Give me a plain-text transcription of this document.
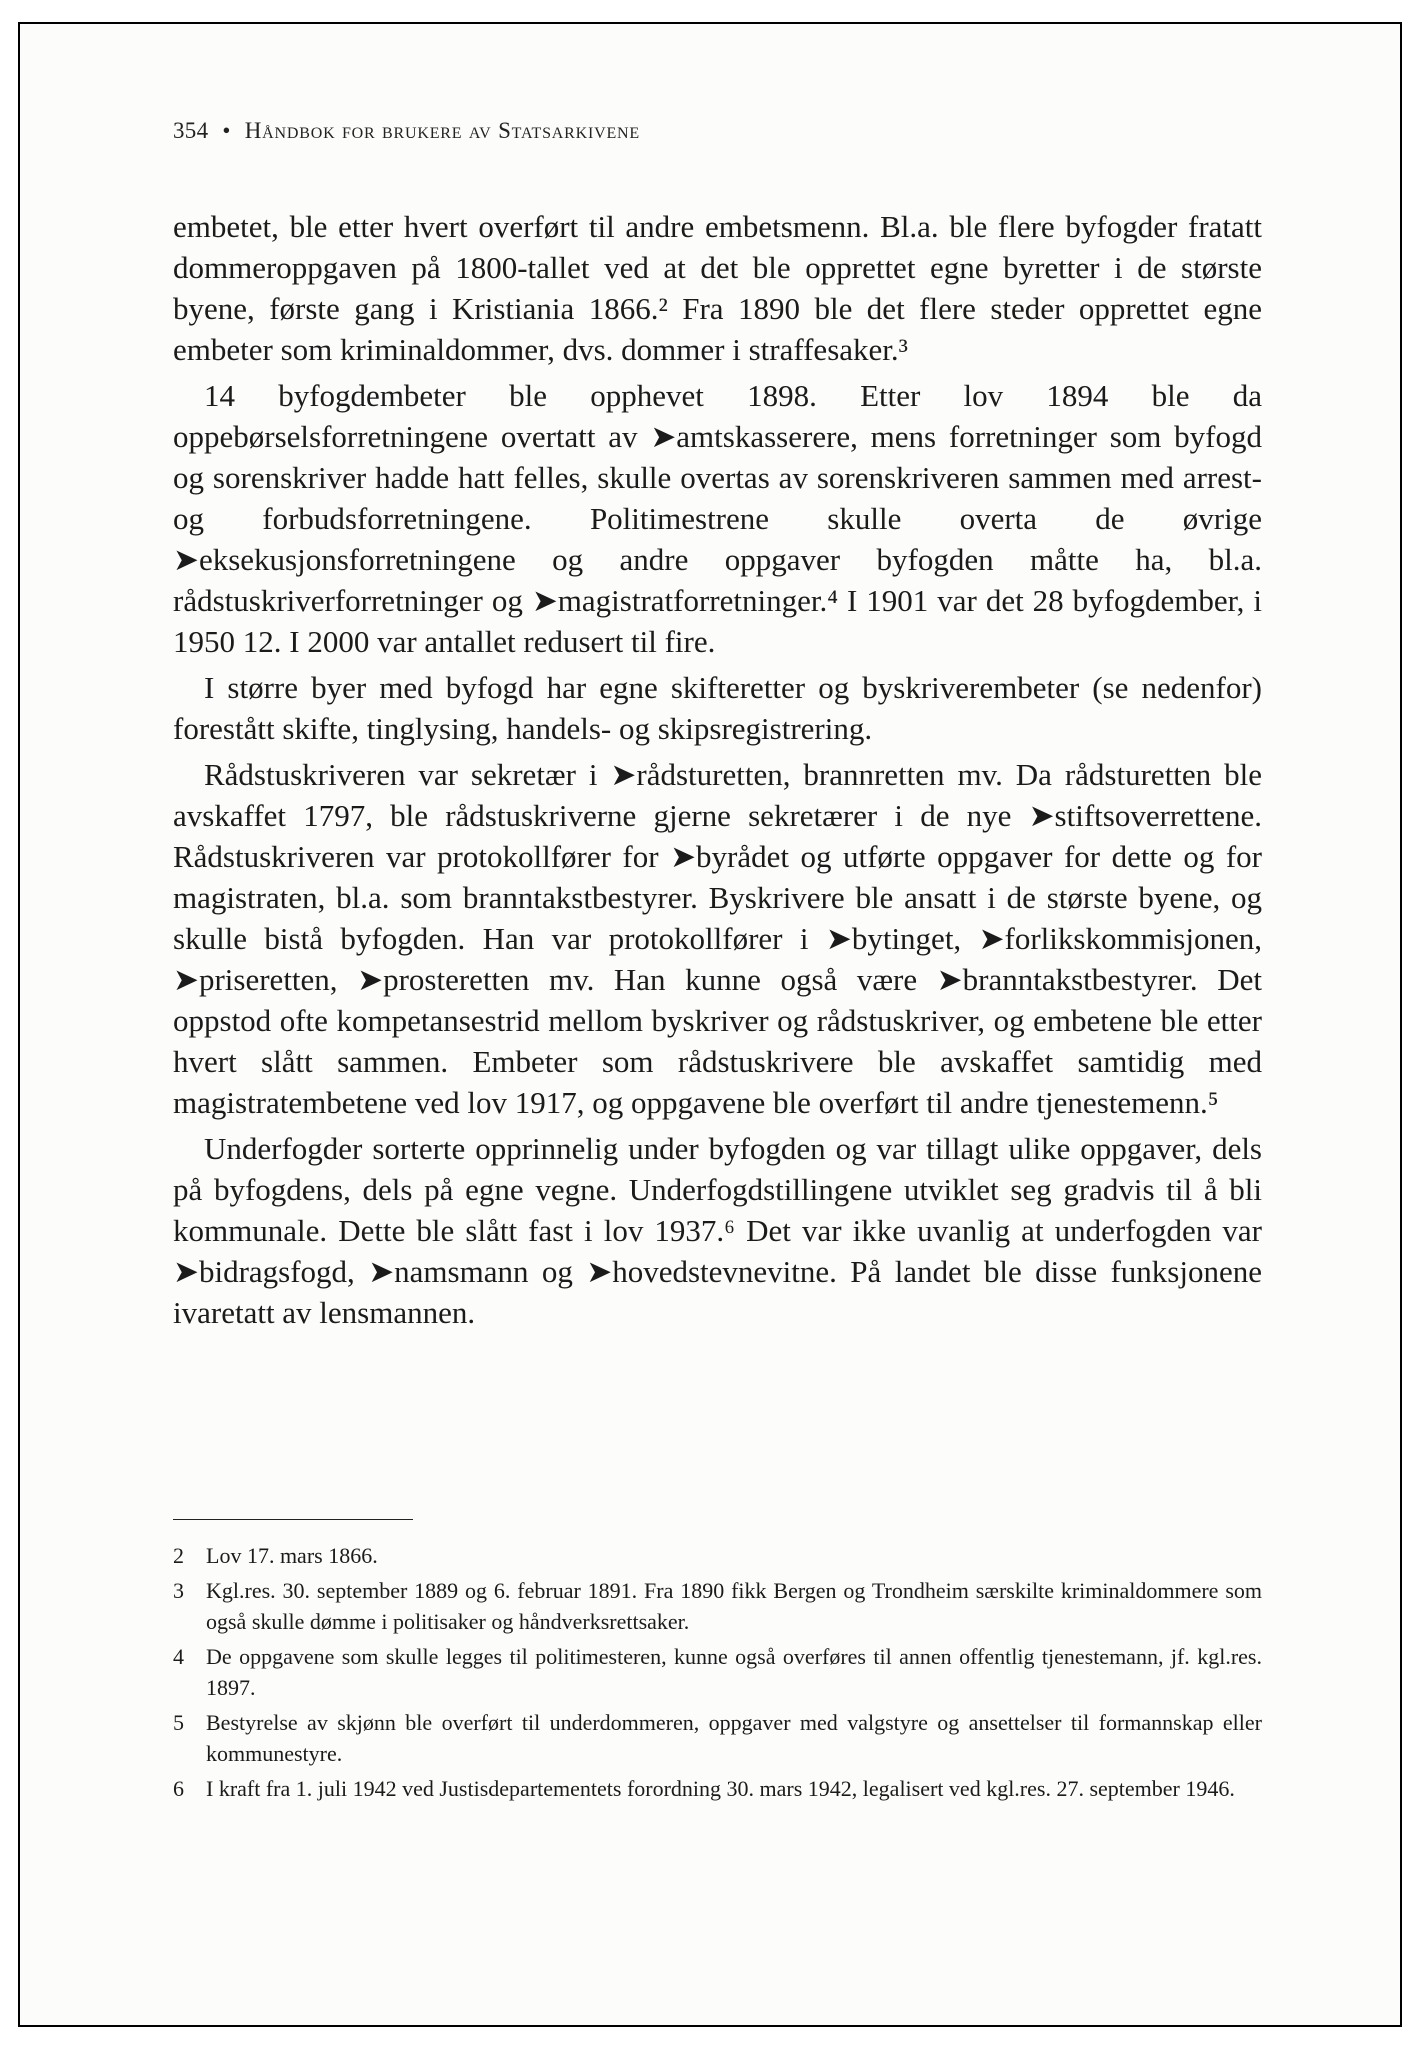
354 • Håndbok for brukere av Statsarkivene

embetet, ble etter hvert overført til andre embetsmenn. Bl.a. ble flere byfogder fratatt dommeroppgaven på 1800-tallet ved at det ble opprettet egne byretter i de største byene, første gang i Kristiania 1866.² Fra 1890 ble det flere steder opprettet egne embeter som kriminaldommer, dvs. dommer i straffesaker.³

14 byfogdembeter ble opphevet 1898. Etter lov 1894 ble da oppebørselsforretningene overtatt av ➤amtskasserere, mens forretninger som byfogd og sorenskriver hadde hatt felles, skulle overtas av sorenskriveren sammen med arrest- og forbudsforretningene. Politimestrene skulle overta de øvrige ➤eksekusjonsforretningene og andre oppgaver byfogden måtte ha, bl.a. rådstuskriverforretninger og ➤magistratforretninger.⁴ I 1901 var det 28 byfogdember, i 1950 12. I 2000 var antallet redusert til fire.

I større byer med byfogd har egne skifteretter og byskriverembeter (se nedenfor) forestått skifte, tinglysing, handels- og skipsregistrering.

Rådstuskriveren var sekretær i ➤rådsturetten, brannretten mv. Da rådsturetten ble avskaffet 1797, ble rådstuskriverne gjerne sekretærer i de nye ➤stiftsoverrettene. Rådstuskriveren var protokollfører for ➤byrådet og utførte oppgaver for dette og for magistraten, bl.a. som branntakstbestyrer. Byskrivere ble ansatt i de største byene, og skulle bistå byfogden. Han var protokollfører i ➤bytinget, ➤forlikskommisjonen, ➤priseretten, ➤prosteretten mv. Han kunne også være ➤branntakstbestyrer. Det oppstod ofte kompetansestrid mellom byskriver og rådstuskriver, og embetene ble etter hvert slått sammen. Embeter som rådstuskrivere ble avskaffet samtidig med magistratembetene ved lov 1917, og oppgavene ble overført til andre tjenestemenn.⁵

Underfogder sorterte opprinnelig under byfogden og var tillagt ulike oppgaver, dels på byfogdens, dels på egne vegne. Underfogdstillingene utviklet seg gradvis til å bli kommunale. Dette ble slått fast i lov 1937.⁶ Det var ikke uvanlig at underfogden var ➤bidragsfogd, ➤namsmann og ➤hovedstevnevitne. På landet ble disse funksjonene ivaretatt av lensmannen.

2	Lov 17. mars 1866.
3	Kgl.res. 30. september 1889 og 6. februar 1891. Fra 1890 fikk Bergen og Trondheim særskilte kriminaldommere som også skulle dømme i politisaker og håndverksrettsaker.
4	De oppgavene som skulle legges til politimesteren, kunne også overføres til annen offentlig tjenestemann, jf. kgl.res. 1897.
5	Bestyrelse av skjønn ble overført til underdommeren, oppgaver med valgstyre og ansettelser til formannskap eller kommunestyre.
6	I kraft fra 1. juli 1942 ved Justisdepartementets forordning 30. mars 1942, legalisert ved kgl.res. 27. september 1946.
